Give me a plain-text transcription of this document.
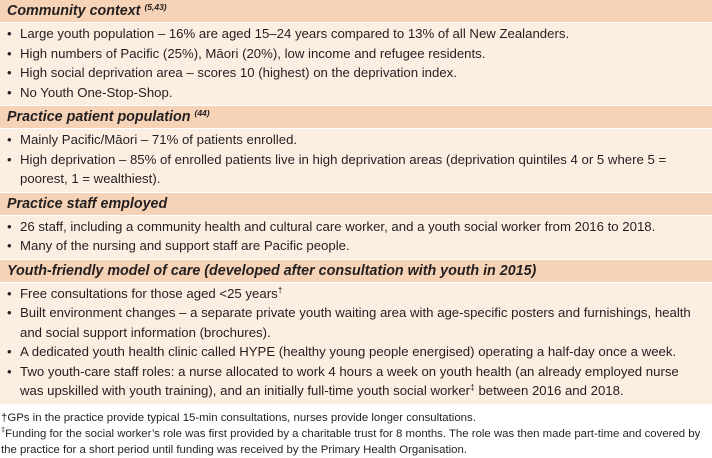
Community context $^{(5,43)}$
• Large youth population – 16% are aged 15–24 years compared to 13% of all New Zealanders.
• High numbers of Pacific (25%), Māori (20%), low income and refugee residents.
• High social deprivation area – scores 10 (highest) on the deprivation index.
• No Youth One-Stop-Shop.
Practice patient population $^{(44)}$
• Mainly Pacific/Māori – 71% of patients enrolled.
• High deprivation – 85% of enrolled patients live in high deprivation areas (deprivation quintiles 4 or 5 where 5 = poorest, 1 = wealthiest).
Practice staff employed
• 26 staff, including a community health and cultural care worker, and a youth social worker from 2016 to 2018.
• Many of the nursing and support staff are Pacific people.
Youth-friendly model of care (developed after consultation with youth in 2015)
• Free consultations for those aged <25 years†
• Built environment changes – a separate private youth waiting area with age-specific posters and furnishings, health and social support information (brochures).
• A dedicated youth health clinic called HYPE (healthy young people energised) operating a half-day once a week.
• Two youth-care staff roles: a nurse allocated to work 4 hours a week on youth health (an already employed nurse was upskilled with youth training), and an initially full-time youth social worker‡ between 2016 and 2018.
†GPs in the practice provide typical 15-min consultations, nurses provide longer consultations.
‡Funding for the social worker’s role was first provided by a charitable trust for 8 months. The role was then made part-time and covered by the practice for a short period until funding was received by the Primary Health Organisation.
